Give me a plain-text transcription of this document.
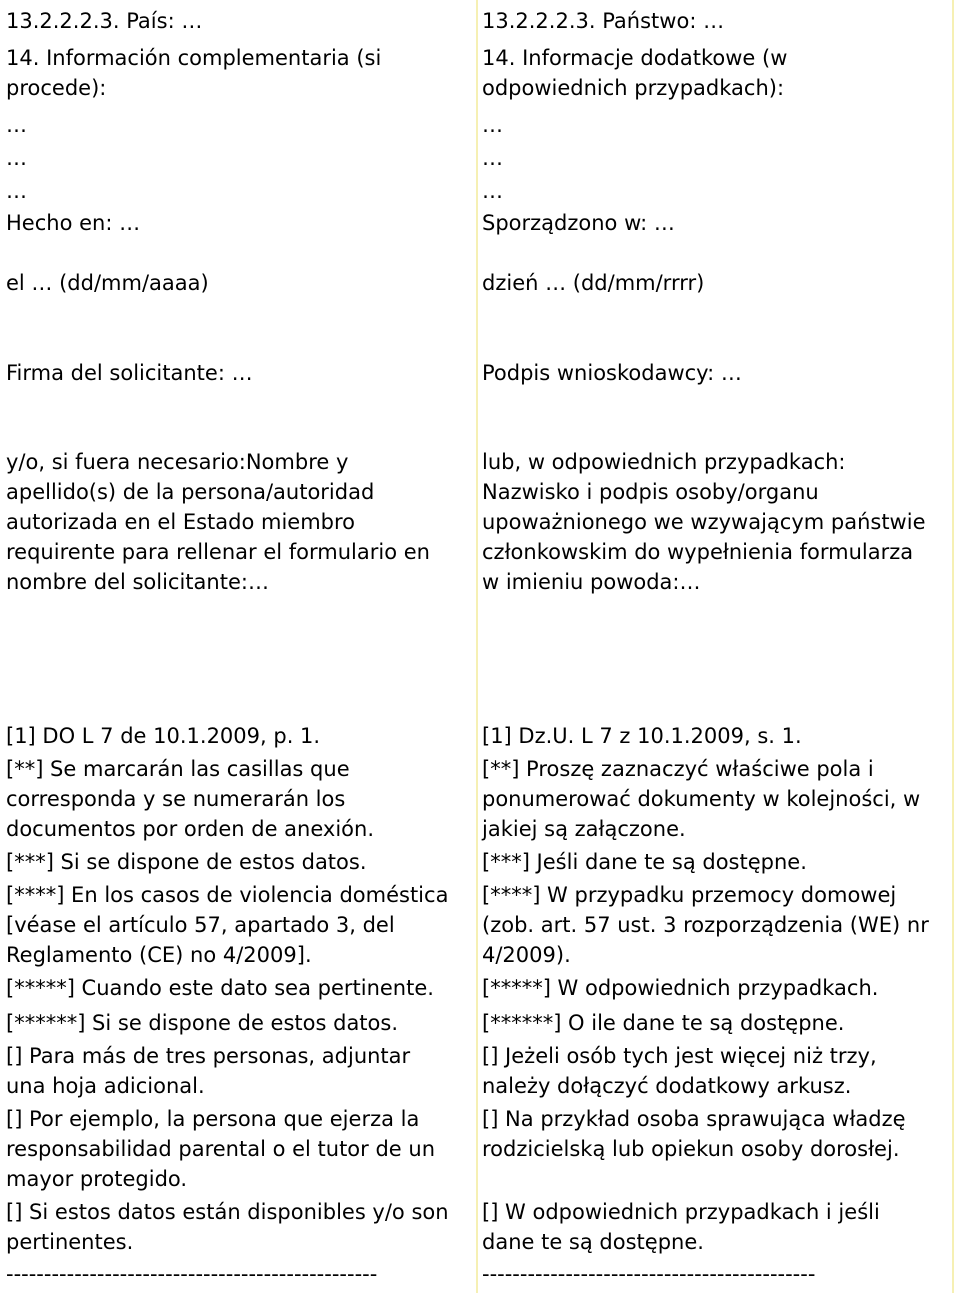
13.2.2.2.3. País: …
14. Información complementaria (si
procede):
…
…
…
Hecho en: …
el … (dd/mm/aaaa)
Firma del solicitante: …
y/o, si fuera necesario:Nombre y
apellido(s) de la persona/autoridad
autorizada en el Estado miembro
requirente para rellenar el formulario en
nombre del solicitante:…
[1] DO L 7 de 10.1.2009, p. 1.
[**] Se marcarán las casillas que
corresponda y se numerarán los
documentos por orden de anexión.
[***] Si se dispone de estos datos.
[****] En los casos de violencia doméstica
[véase el artículo 57, apartado 3, del
Reglamento (CE) no 4/2009].
[*****] Cuando este dato sea pertinente.
[******] Si se dispone de estos datos.
[] Para más de tres personas, adjuntar
una hoja adicional.
[] Por ejemplo, la persona que ejerza la
responsabilidad parental o el tutor de un
mayor protegido.
[] Si estos datos están disponibles y/o son
pertinentes.
-------------------------------------------------
13.2.2.2.3. Państwo: …
14. Informacje dodatkowe (w
odpowiednich przypadkach):
…
…
…
Sporządzono w: …
dzień … (dd/mm/rrrr)
Podpis wnioskodawcy: …
lub, w odpowiednich przypadkach:
Nazwisko i podpis osoby/organu
upoważnionego we wzywającym państwie
członkowskim do wypełnienia formularza
w imieniu powoda:…
[1] Dz.U. L 7 z 10.1.2009, s. 1.
[**] Proszę zaznaczyć właściwe pola i
ponumerować dokumenty w kolejności, w
jakiej są załączone.
[***] Jeśli dane te są dostępne.
[****] W przypadku przemocy domowej
(zob. art. 57 ust. 3 rozporządzenia (WE) nr
4/2009).
[*****] W odpowiednich przypadkach.
[******] O ile dane te są dostępne.
[] Jeżeli osób tych jest więcej niż trzy,
należy dołączyć dodatkowy arkusz.
[] Na przykład osoba sprawująca władzę
rodzicielską lub opiekun osoby dorosłej.
[] W odpowiednich przypadkach i jeśli
dane te są dostępne.
--------------------------------------------
